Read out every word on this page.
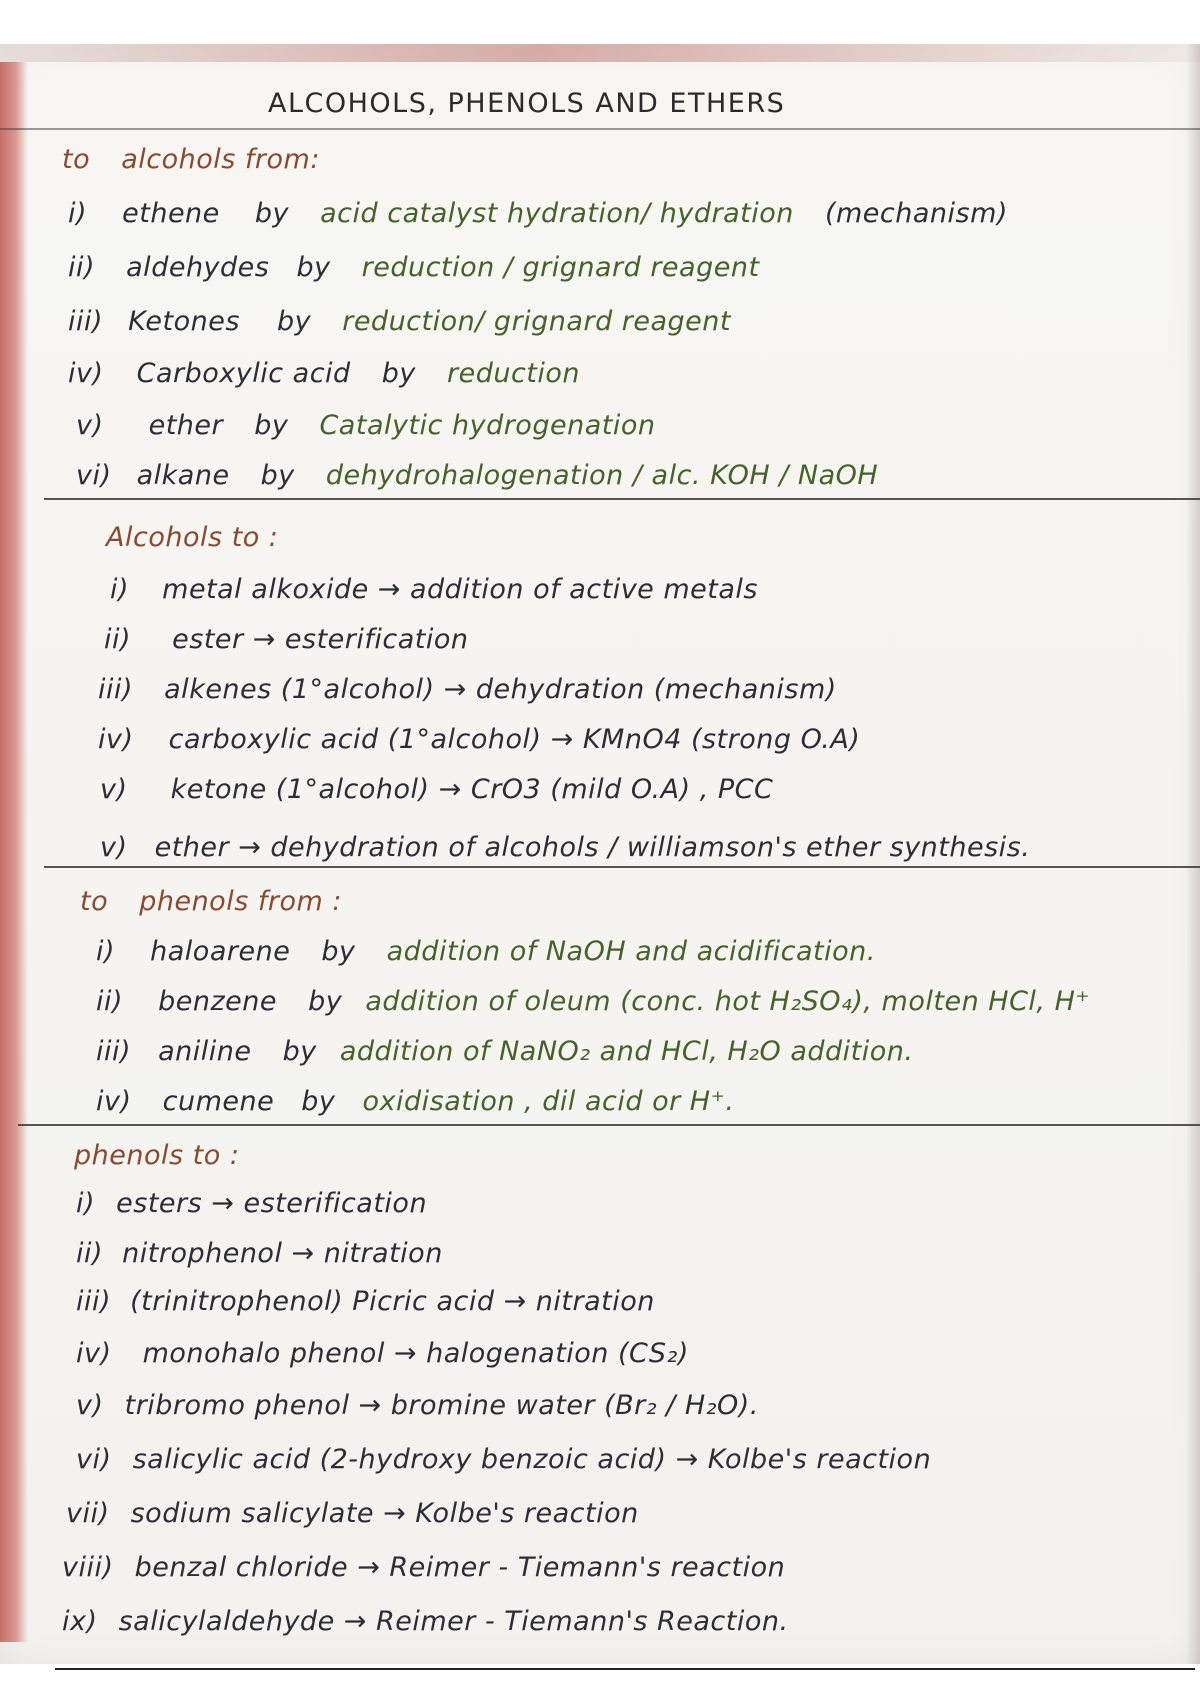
ALCOHOLS, PHENOLS AND ETHERS
to alcohols from:
i) ethene by acid catalyst hydration/ hydration (mechanism)
ii) aldehydes by reduction / grignard reagent
iii) Ketones by reduction/ grignard reagent
iv) Carboxylic acid by reduction
v) ether by Catalytic hydrogenation
vi) alkane by dehydrohalogenation / alc. KOH / NaOH
Alcohols to :
i) metal alkoxide → addition of active metals
ii) ester → esterification
iii) alkenes (1°alcohol) → dehydration (mechanism)
iv) carboxylic acid (1°alcohol) → KMnO4 (strong O.A)
v) ketone (1°alcohol) → CrO3 (mild O.A) , PCC
v) ether → dehydration of alcohols / williamson's ether synthesis.
to phenols from :
i) haloarene by addition of NaOH and acidification.
ii) benzene by addition of oleum (conc. hot H₂SO₄), molten HCl, H⁺
iii) aniline by addition of NaNO₂ and HCl, H₂O addition.
iv) cumene by oxidisation , dil acid or H⁺.
phenols to :
i) esters → esterification
ii) nitrophenol → nitration
iii) (trinitrophenol) Picric acid → nitration
iv) monohalo phenol → halogenation (CS₂)
v) tribromo phenol → bromine water (Br₂ / H₂O).
vi) salicylic acid (2-hydroxy benzoic acid) → Kolbe's reaction
vii) sodium salicylate → Kolbe's reaction
viii) benzal chloride → Reimer - Tiemann's reaction
ix) salicylaldehyde → Reimer - Tiemann's Reaction.
